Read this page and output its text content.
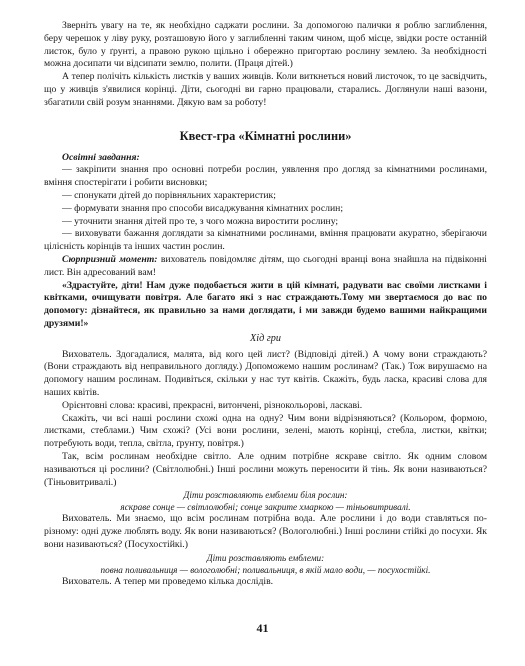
Зверніть увагу на те, як необхідно саджати рослини. За допомогою палички я роблю заглиблення, беру черешок у ліву руку, розташовую його у заглибленні таким чином, щоб місце, звідки росте останній листок, було у ґрунті, а правою рукою щільно і обережно пригортаю рослину землею. За необхідності можна досипати чи відсипати землю, полити. (Праця дітей.)

А тепер полічіть кількість листків у ваших живців. Коли виткнеться новий листочок, то це засвідчить, що у живців з'явилися корінці. Діти, сьогодні ви гарно працювали, старались. Доглянули наші вазони, збагатили свій розум знаннями. Дякую вам за роботу!

Квест-гра «Кімнатні рослини»

Освітні завдання:

— закріпити знання про основні потреби рослин, уявлення про догляд за кімнатними рослинами, вміння спостерігати і робити висновки;

— спонукати дітей до порівняльних характеристик;

— формувати знання про способи висаджування кімнатних рослин;

— уточнити знання дітей про те, з чого можна виростити рослину;

— виховувати бажання доглядати за кімнатними рослинами, вміння працювати акуратно, зберігаючи цілісність корінців та інших частин рослин.

Сюрпризний момент: вихователь повідомляє дітям, що сьогодні вранці вона знайшла на підвіконні лист. Він адресований вам!

«Здрастуйте, діти! Нам дуже подобається жити в цій кімнаті, радувати вас своїми листками і квітками, очищувати повітря. Але багато які з нас страждають.Тому ми звертаємося до вас по допомогу: дізнайтеся, як правильно за нами доглядати, і ми завжди будемо вашими найкращими друзями!»

Хід гри

Вихователь. Здогадалися, малята, від кого цей лист? (Відповіді дітей.) А чому вони страждають? (Вони страждають від неправильного догляду.) Допоможемо нашим рослинам? (Так.) Тож вирушаємо на допомогу нашим рослинам. Подивіться, скільки у нас тут квітів. Скажіть, будь ласка, красиві слова для наших квітів.

Орієнтовні слова: красиві, прекрасні, витончені, різнокольорові, ласкаві.

Скажіть, чи всі наші рослини схожі одна на одну? Чим вони відрізняються? (Кольором, формою, листками, стеблами.) Чим схожі? (Усі вони рослини, зелені, мають корінці, стебла, листки, квітки; потребують води, тепла, світла, ґрунту, повітря.)

Так, всім рослинам необхідне світло. Але одним потрібне яскраве світло. Як одним словом називаються ці рослини? (Світлолюбні.) Інші рослини можуть переносити й тінь. Як вони називаються? (Тіньовитривалі.)

Діти розставляють емблеми біля рослин:
яскраве сонце — світлолюбні; сонце закрите хмаркою — тіньовитривалі.

Вихователь. Ми знаємо, що всім рослинам потрібна вода. Але рослини і до води ставляться по-різному: одні дуже люблять воду. Як вони називаються? (Вологолюбні.) Інші рослини стійкі до посухи. Як вони називаються? (Посухостійкі.)

Діти розставляють емблеми:
повна поливальниця — вологолюбні; поливальниця, в якій мало води, — посухостійкі.

Вихователь. А тепер ми проведемо кілька дослідів.

41
